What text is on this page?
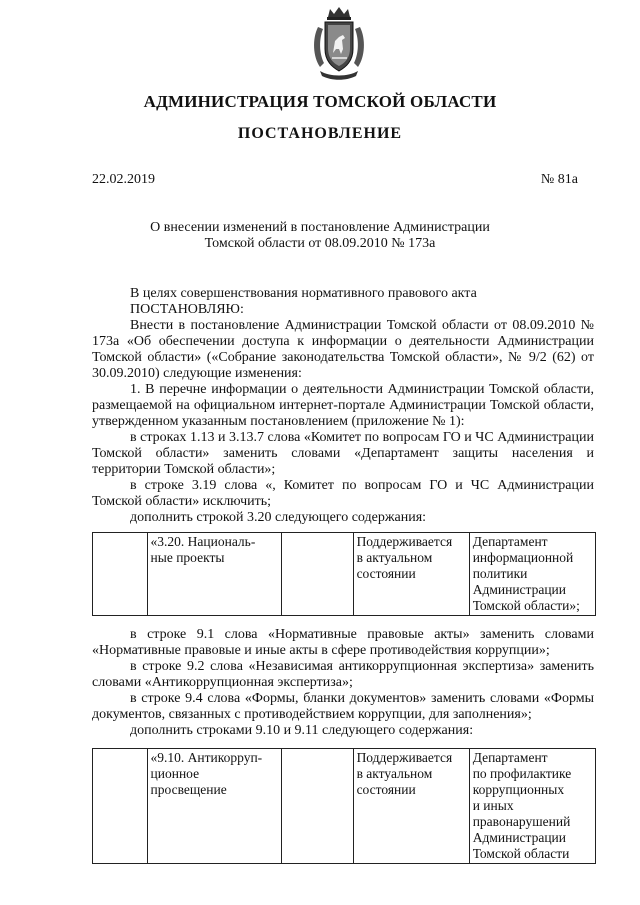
АДМИНИСТРАЦИЯ ТОМСКОЙ ОБЛАСТИ
ПОСТАНОВЛЕНИЕ
22.02.2019	№ 81а
О внесении изменений в постановление Администрации
Томской области от 08.09.2010 № 173а

В целях совершенствования нормативного правового акта

ПОСТАНОВЛЯЮ:

Внести в постановление Администрации Томской области от 08.09.2010 № 173а «Об обеспечении доступа к информации о деятельности Администрации Томской области» («Собрание законодательства Томской области», № 9/2 (62) от 30.09.2010) следующие изменения:

1. В перечне информации о деятельности Администрации Томской области, размещаемой на официальном интернет-портале Администрации Томской области, утвержденном указанным постановлением (приложение № 1):

в строках 1.13 и 3.13.7 слова «Комитет по вопросам ГО и ЧС Администрации Томской области» заменить словами «Департамент защиты населения и территории Томской области»;

в строке 3.19 слова «, Комитет по вопросам ГО и ЧС Администрации Томской области» исключить;

дополнить строкой 3.20 следующего содержания:

	«3.20. Националь-
ные проекты		Поддерживается
в актуальном
состоянии	Департамент
информационной
политики
Администрации
Томской области»;

в строке 9.1 слова «Нормативные правовые акты» заменить словами «Нормативные правовые и иные акты в сфере противодействия коррупции»;

в строке 9.2 слова «Независимая антикоррупционная экспертиза» заменить словами «Антикоррупционная экспертиза»;

в строке 9.4 слова «Формы, бланки документов» заменить словами «Формы документов, связанных с противодействием коррупции, для заполнения»;

дополнить строками 9.10 и 9.11 следующего содержания:

	«9.10. Антикорруп-
ционное
просвещение		Поддерживается
в актуальном
состоянии	Департамент
по профилактике
коррупционных
и иных
правонарушений
Администрации
Томской области
